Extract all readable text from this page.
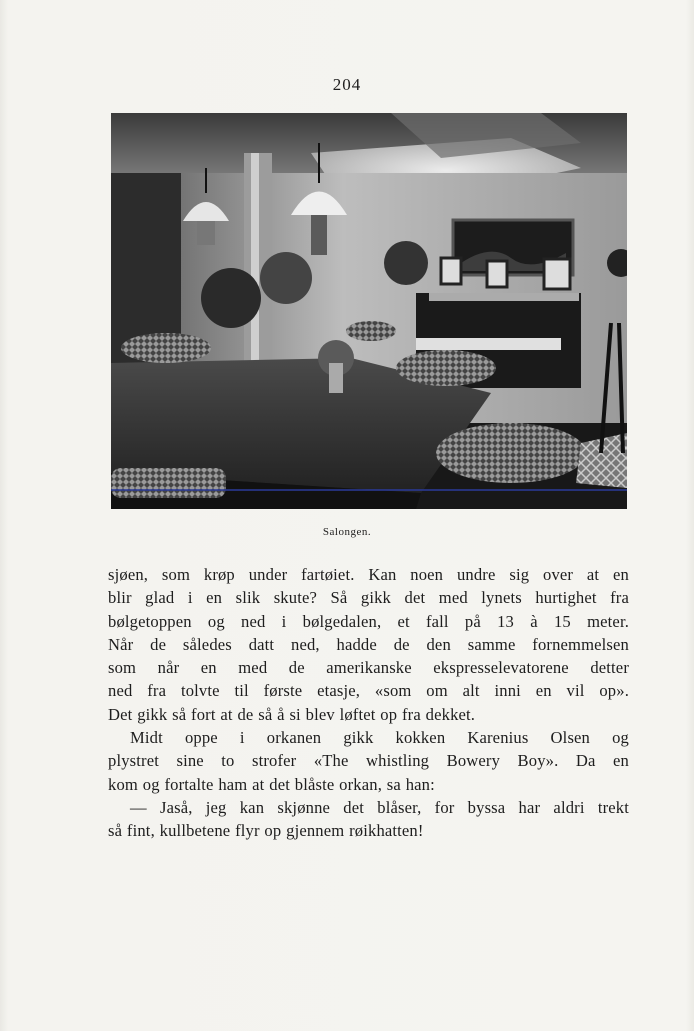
204
Salongen.
sjøen, som krøp under fartøiet. Kan noen undre sig over at en
blir glad i en slik skute? Så gikk det med lynets hurtighet fra
bølgetoppen og ned i bølgedalen, et fall på 13 à 15 meter.
Når de således datt ned, hadde de den samme fornemmelsen
som når en med de amerikanske ekspresselevatorene detter
ned fra tolvte til første etasje, «som om alt inni en vil op».
Det gikk så fort at de så å si blev løftet op fra dekket.
Midt oppe i orkanen gikk kokken Karenius Olsen og
plystret sine to strofer «The whistling Bowery Boy». Da en
kom og fortalte ham at det blåste orkan, sa han:
— Jaså, jeg kan skjønne det blåser, for byssa har aldri trekt
så fint, kullbetene flyr op gjennem røikhatten!
